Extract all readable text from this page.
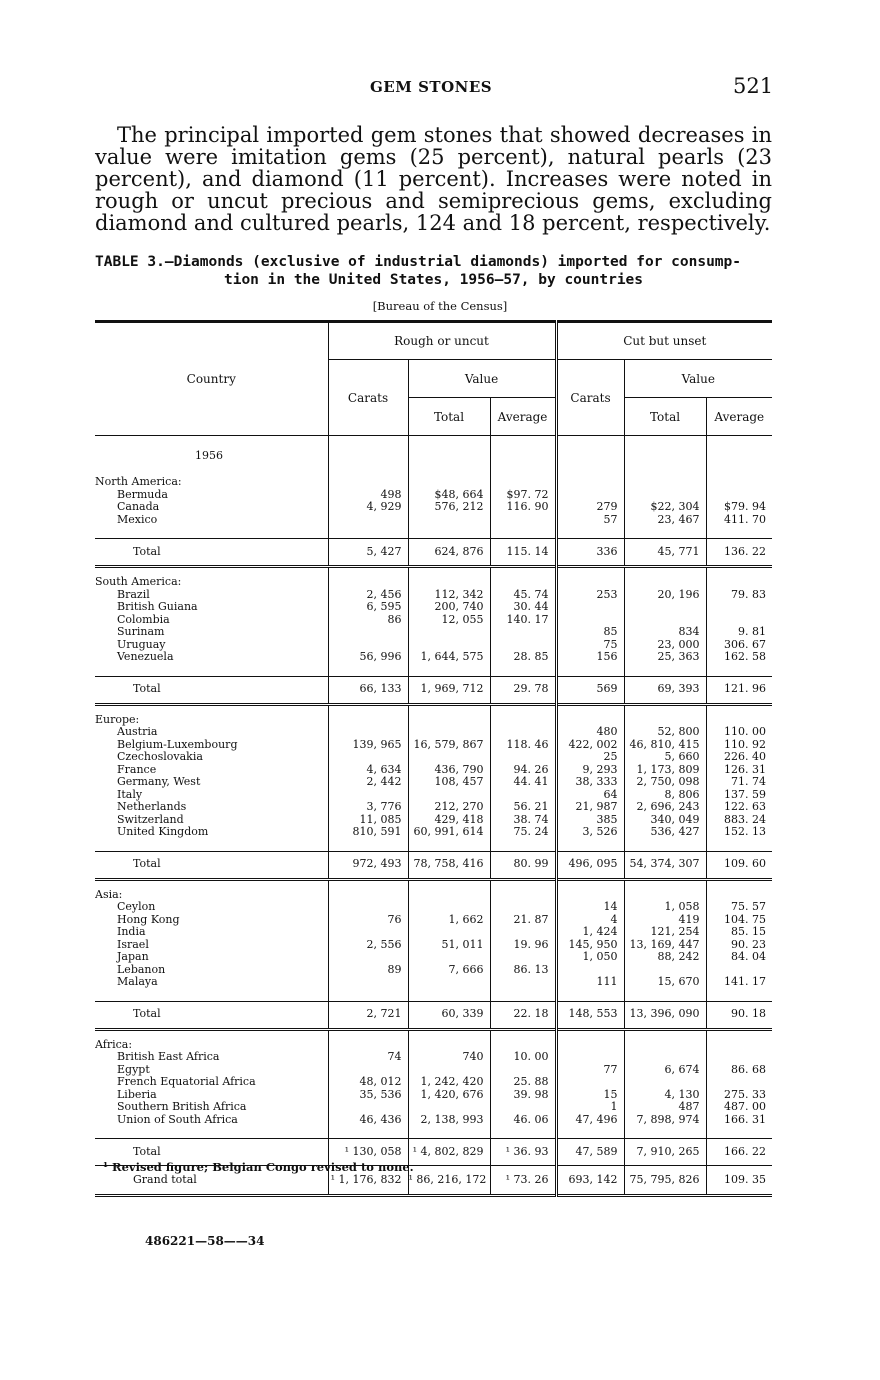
GEM STONES	521

The principal imported gem stones that showed decreases in value were imitation gems (25 percent), natural pearls (23 percent), and diamond (11 percent). Increases were noted in rough or uncut precious and semiprecious gems, excluding diamond and cultured pearls, 124 and 18 percent, respectively.

TABLE 3.—Diamonds (exclusive of industrial diamonds) imported for consump-
tion in the United States, 1956–57, by countries
[Bureau of the Census]
Country	Rough or uncut			Cut but unset		
	Carats	Value		Carats	Value	
		Total	Average		Total	Average
1956						
North America:						
Bermuda	498	$48, 664	$97. 72			
Canada	4, 929	576, 212	116. 90	279	$22, 304	$79. 94
Mexico				57	23, 467	411. 70

Total	5, 427	624, 876	115. 14	336	45, 771	136. 22

South America:						
Brazil	2, 456	112, 342	45. 74	253	20, 196	79. 83
British Guiana	6, 595	200, 740	30. 44			
Colombia	86	12, 055	140. 17			
Surinam				85	834	9. 81
Uruguay				75	23, 000	306. 67
Venezuela	56, 996	1, 644, 575	28. 85	156	25, 363	162. 58

Total	66, 133	1, 969, 712	29. 78	569	69, 393	121. 96

Europe:						
Austria				480	52, 800	110. 00
Belgium-Luxembourg	139, 965	16, 579, 867	118. 46	422, 002	46, 810, 415	110. 92
Czechoslovakia				25	5, 660	226. 40
France	4, 634	436, 790	94. 26	9, 293	1, 173, 809	126. 31
Germany, West	2, 442	108, 457	44. 41	38, 333	2, 750, 098	71. 74
Italy				64	8, 806	137. 59
Netherlands	3, 776	212, 270	56. 21	21, 987	2, 696, 243	122. 63
Switzerland	11, 085	429, 418	38. 74	385	340, 049	883. 24
United Kingdom	810, 591	60, 991, 614	75. 24	3, 526	536, 427	152. 13

Total	972, 493	78, 758, 416	80. 99	496, 095	54, 374, 307	109. 60

Asia:						
Ceylon				14	1, 058	75. 57
Hong Kong	76	1, 662	21. 87	4	419	104. 75
India				1, 424	121, 254	85. 15
Israel	2, 556	51, 011	19. 96	145, 950	13, 169, 447	90. 23
Japan				1, 050	88, 242	84. 04
Lebanon	89	7, 666	86. 13			
Malaya				111	15, 670	141. 17

Total	2, 721	60, 339	22. 18	148, 553	13, 396, 090	90. 18

Africa:						
British East Africa	74	740	10. 00			
Egypt				77	6, 674	86. 68
French Equatorial Africa	48, 012	1, 242, 420	25. 88			
Liberia	35, 536	1, 420, 676	39. 98	15	4, 130	275. 33
Southern British Africa				1	487	487. 00
Union of South Africa	46, 436	2, 138, 993	46. 06	47, 496	7, 898, 974	166. 31

Total	¹ 130, 058	¹ 4, 802, 829	¹ 36. 93	47, 589	7, 910, 265	166. 22
Grand total	¹ 1, 176, 832	¹ 86, 216, 172	¹ 73. 26	693, 142	75, 795, 826	109. 35
¹ Revised figure; Belgian Congo revised to none.
486221—58——34
